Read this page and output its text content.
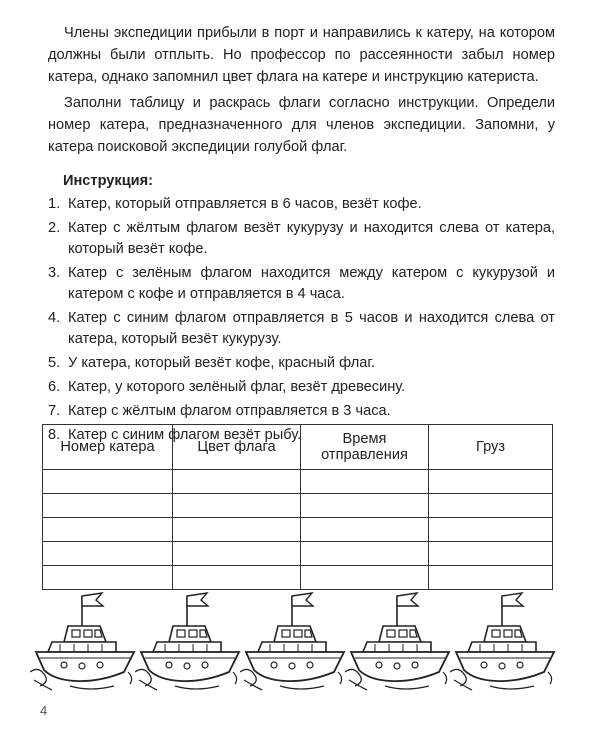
Члены экспедиции прибыли в порт и направились к катеру, на котором должны были отплыть. Но профессор по рассеянности забыл номер катера, однако запомнил цвет флага на катере и инструкцию катериста.

Заполни таблицу и раскрась флаги согласно инструкции. Определи номер катера, предназначенного для членов экспедиции. Запомни, у катера поисковой экспедиции голубой флаг.

Инструкция:
1. Катер, который отправляется в 6 часов, везёт кофе.
2. Катер с жёлтым флагом везёт кукурузу и находится слева от катера, который везёт кофе.
3. Катер с зелёным флагом находится между катером с кукурузой и катером с кофе и отправляется в 4 часа.
4. Катер с синим флагом отправляется в 5 часов и находится слева от катера, который везёт кукурузу.
5. У катера, который везёт кофе, красный флаг.
6. Катер, у которого зелёный флаг, везёт древесину.
7. Катер с жёлтым флагом отправляется в 3 часа.
8. Катер с синим флагом везёт рыбу.
Номер катера	Цвет флага	Время отправления	Груз

4
